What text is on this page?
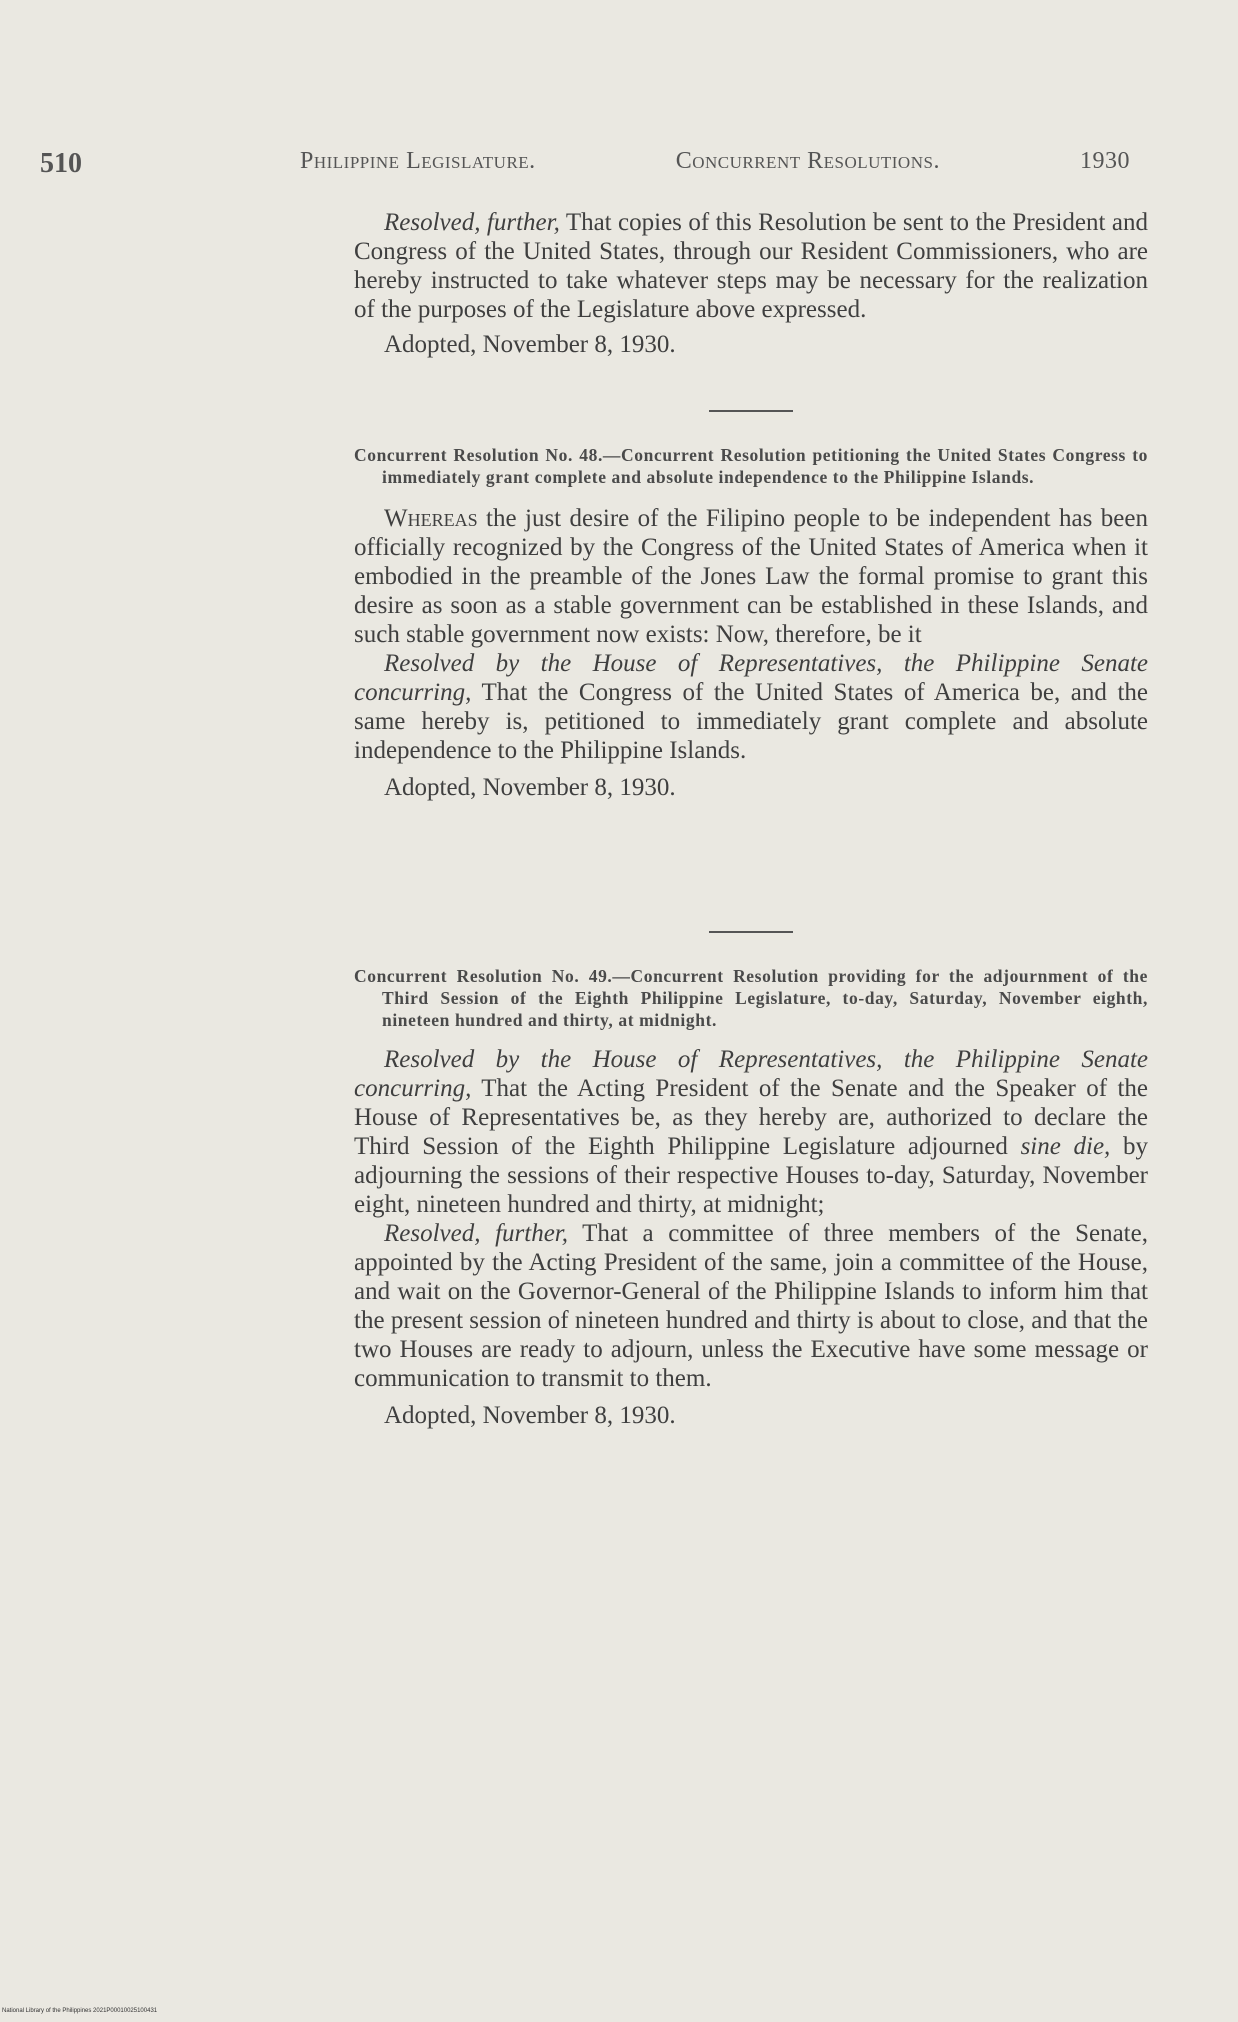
510	Philippine Legislature.	Concurrent Resolutions.	1930

Resolved, further, That copies of this Resolution be sent to the President and Congress of the United States, through our Resident Commissioners, who are hereby instructed to take whatever steps may be necessary for the realization of the purposes of the Legislature above expressed.

Adopted, November 8, 1930.

Concurrent Resolution No. 48.—Concurrent Resolution petitioning the United States Congress to immediately grant complete and absolute independence to the Philippine Islands.

Whereas the just desire of the Filipino people to be independent has been officially recognized by the Congress of the United States of America when it embodied in the preamble of the Jones Law the formal promise to grant this desire as soon as a stable government can be established in these Islands, and such stable government now exists: Now, therefore, be it

Resolved by the House of Representatives, the Philippine Senate concurring, That the Congress of the United States of America be, and the same hereby is, petitioned to immediately grant complete and absolute independence to the Philippine Islands.

Adopted, November 8, 1930.

Concurrent Resolution No. 49.—Concurrent Resolution providing for the adjournment of the Third Session of the Eighth Philippine Legislature, to-day, Saturday, November eighth, nineteen hundred and thirty, at midnight.

Resolved by the House of Representatives, the Philippine Senate concurring, That the Acting President of the Senate and the Speaker of the House of Representatives be, as they hereby are, authorized to declare the Third Session of the Eighth Philippine Legislature adjourned sine die, by adjourning the sessions of their respective Houses to-day, Saturday, November eight, nineteen hundred and thirty, at midnight;

Resolved, further, That a committee of three members of the Senate, appointed by the Acting President of the same, join a committee of the House, and wait on the Governor-General of the Philippine Islands to inform him that the present session of nineteen hundred and thirty is about to close, and that the two Houses are ready to adjourn, unless the Executive have some message or communication to transmit to them.

Adopted, November 8, 1930.

National Library of the Philippines 2021P00010025100431
